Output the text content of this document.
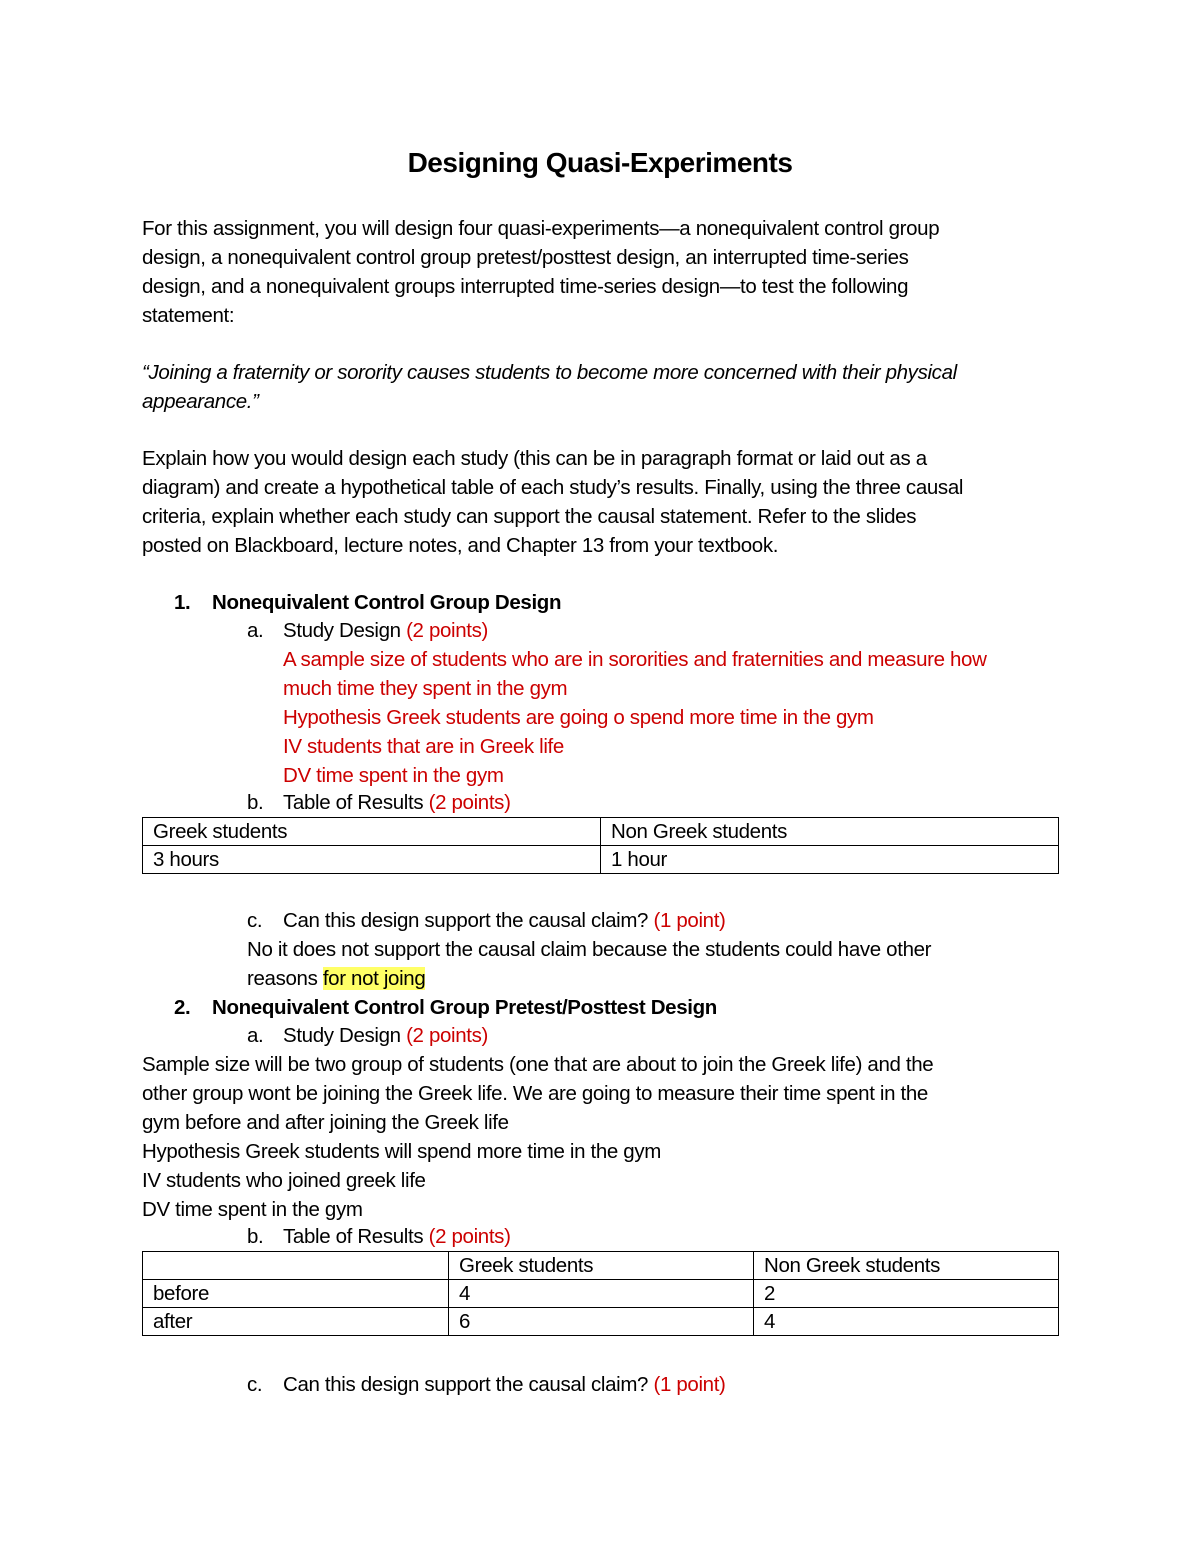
Designing Quasi-Experiments
For this assignment, you will design four quasi-experiments—a nonequivalent control group
design, a nonequivalent control group pretest/posttest design, an interrupted time-series
design, and a nonequivalent groups interrupted time-series design—to test the following
statement:
“Joining a fraternity or sorority causes students to become more concerned with their physical
appearance.”
Explain how you would design each study (this can be in paragraph format or laid out as a
diagram) and create a hypothetical table of each study’s results. Finally, using the three causal
criteria, explain whether each study can support the causal statement. Refer to the slides
posted on Blackboard, lecture notes, and Chapter 13 from your textbook.
1. Nonequivalent Control Group Design
a. Study Design (2 points)
A sample size of students who are in sororities and fraternities and measure how
much time they spent in the gym
Hypothesis Greek students are going o spend more time in the gym
IV students that are in Greek life
DV time spent in the gym
b. Table of Results (2 points)
Greek students	Non Greek students
3 hours	1 hour
c. Can this design support the causal claim? (1 point)
No it does not support the causal claim because the students could have other
reasons for not joing
2. Nonequivalent Control Group Pretest/Posttest Design
a. Study Design (2 points)
Sample size will be two group of students (one that are about to join the Greek life) and the
other group wont be joining the Greek life. We are going to measure their time spent in the
gym before and after joining the Greek life
Hypothesis Greek students will spend more time in the gym
IV students who joined greek life
DV time spent in the gym
b. Table of Results (2 points)
	Greek students	Non Greek students
before	4	2
after	6	4
c. Can this design support the causal claim? (1 point)
